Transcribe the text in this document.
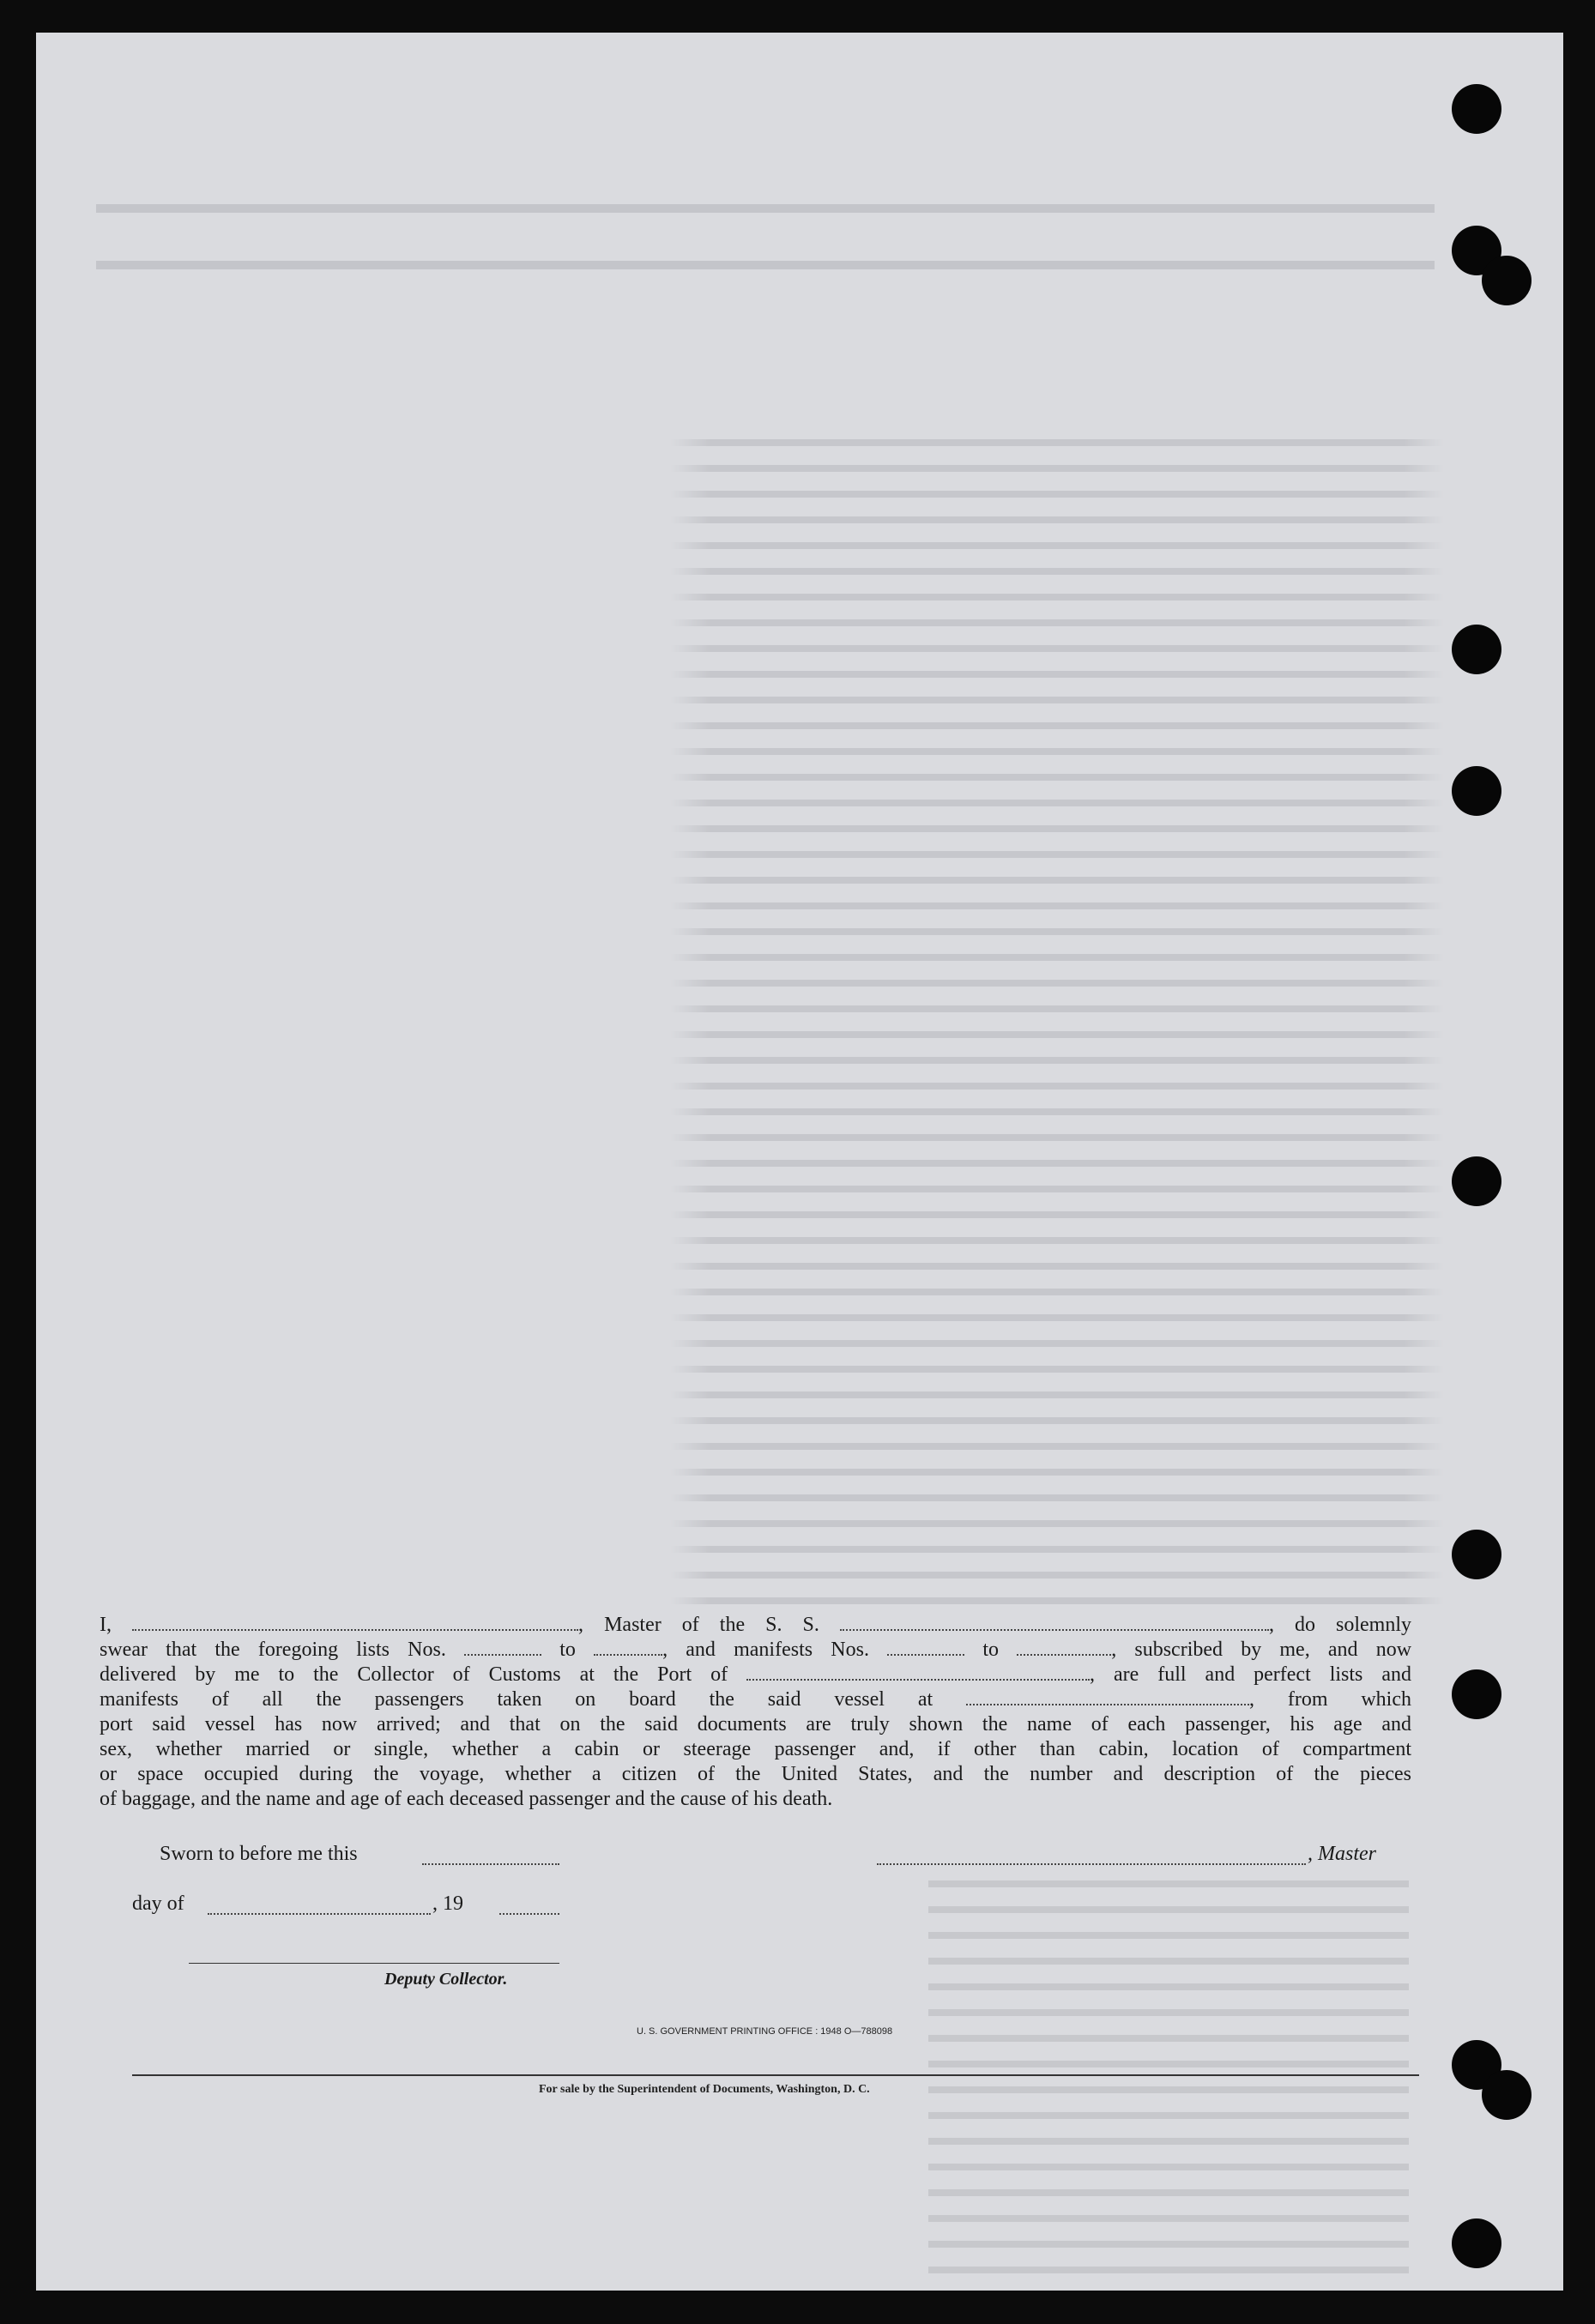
I,	, Master of the S. S.	, do solemnly

swear that the foregoing lists Nos.	to	, and manifests Nos.	to	, subscribed by me, and now

delivered by me to the Collector of Customs at the Port of	, are full and perfect lists and

manifests of all the passengers taken on board the said vessel at	, from which

port said vessel has now arrived; and that on the said documents are truly shown the name of each passenger, his age and

sex, whether married or single, whether a cabin or steerage passenger and, if other than cabin, location of compartment

or space occupied during the voyage, whether a citizen of the United States, and the number and description of the pieces

of baggage, and the name and age of each deceased passenger and the cause of his death.

Sworn to before me this	, Master
day of	, 19
Deputy Collector.
U. S. GOVERNMENT PRINTING OFFICE : 1948 O—788098
For sale by the Superintendent of Documents, Washington, D. C.
